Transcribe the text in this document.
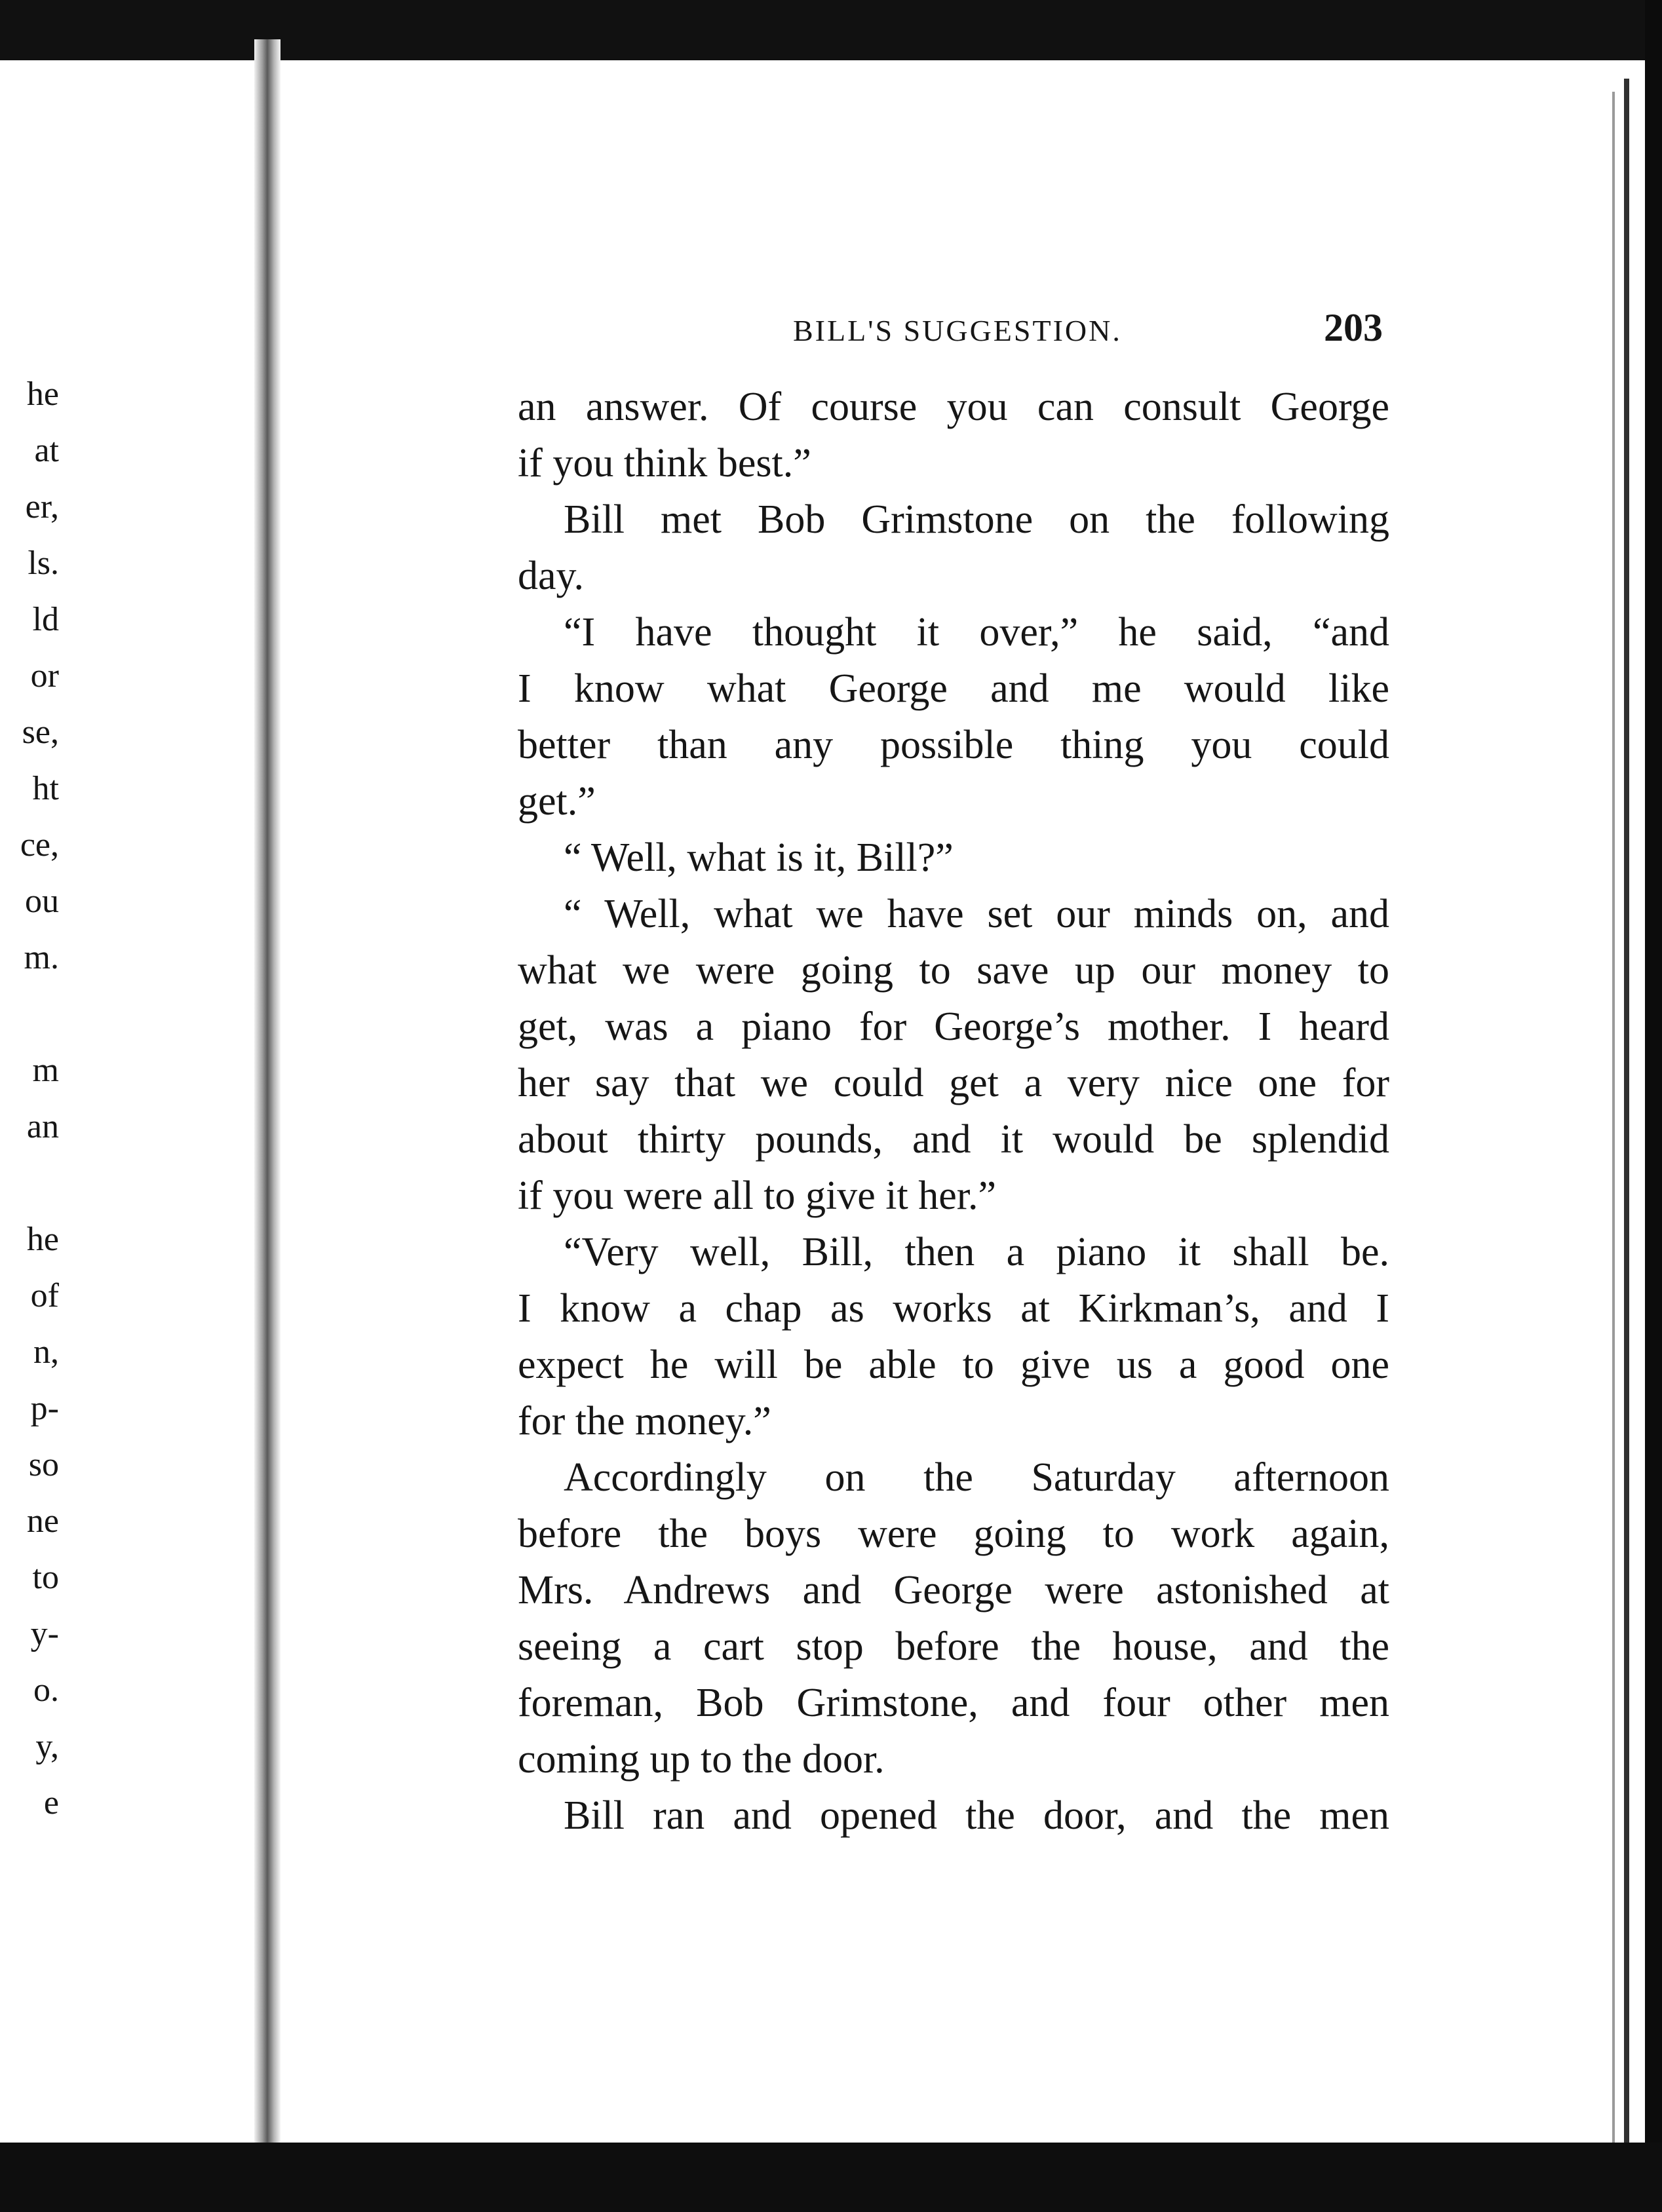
he
at
er,
ls.
ld
or
se,
ht
ce,
ou
m.
m
an
he
of
n,
p-
so
ne
to
y-
o.
y,
e
BILL'S SUGGESTION.	203
an answer. Of course you can consult George
if you think best.”
Bill met Bob Grimstone on the following
day.
“I have thought it over,” he said, “and
I know what George and me would like
better than any possible thing you could
get.”
“ Well, what is it, Bill?”
“ Well, what we have set our minds on, and
what we were going to save up our money to
get, was a piano for George’s mother. I heard
her say that we could get a very nice one for
about thirty pounds, and it would be splendid
if you were all to give it her.”
“Very well, Bill, then a piano it shall be.
I know a chap as works at Kirkman’s, and I
expect he will be able to give us a good one
for the money.”
Accordingly on the Saturday afternoon
before the boys were going to work again,
Mrs. Andrews and George were astonished at
seeing a cart stop before the house, and the
foreman, Bob Grimstone, and four other men
coming up to the door.
Bill ran and opened the door, and the men
